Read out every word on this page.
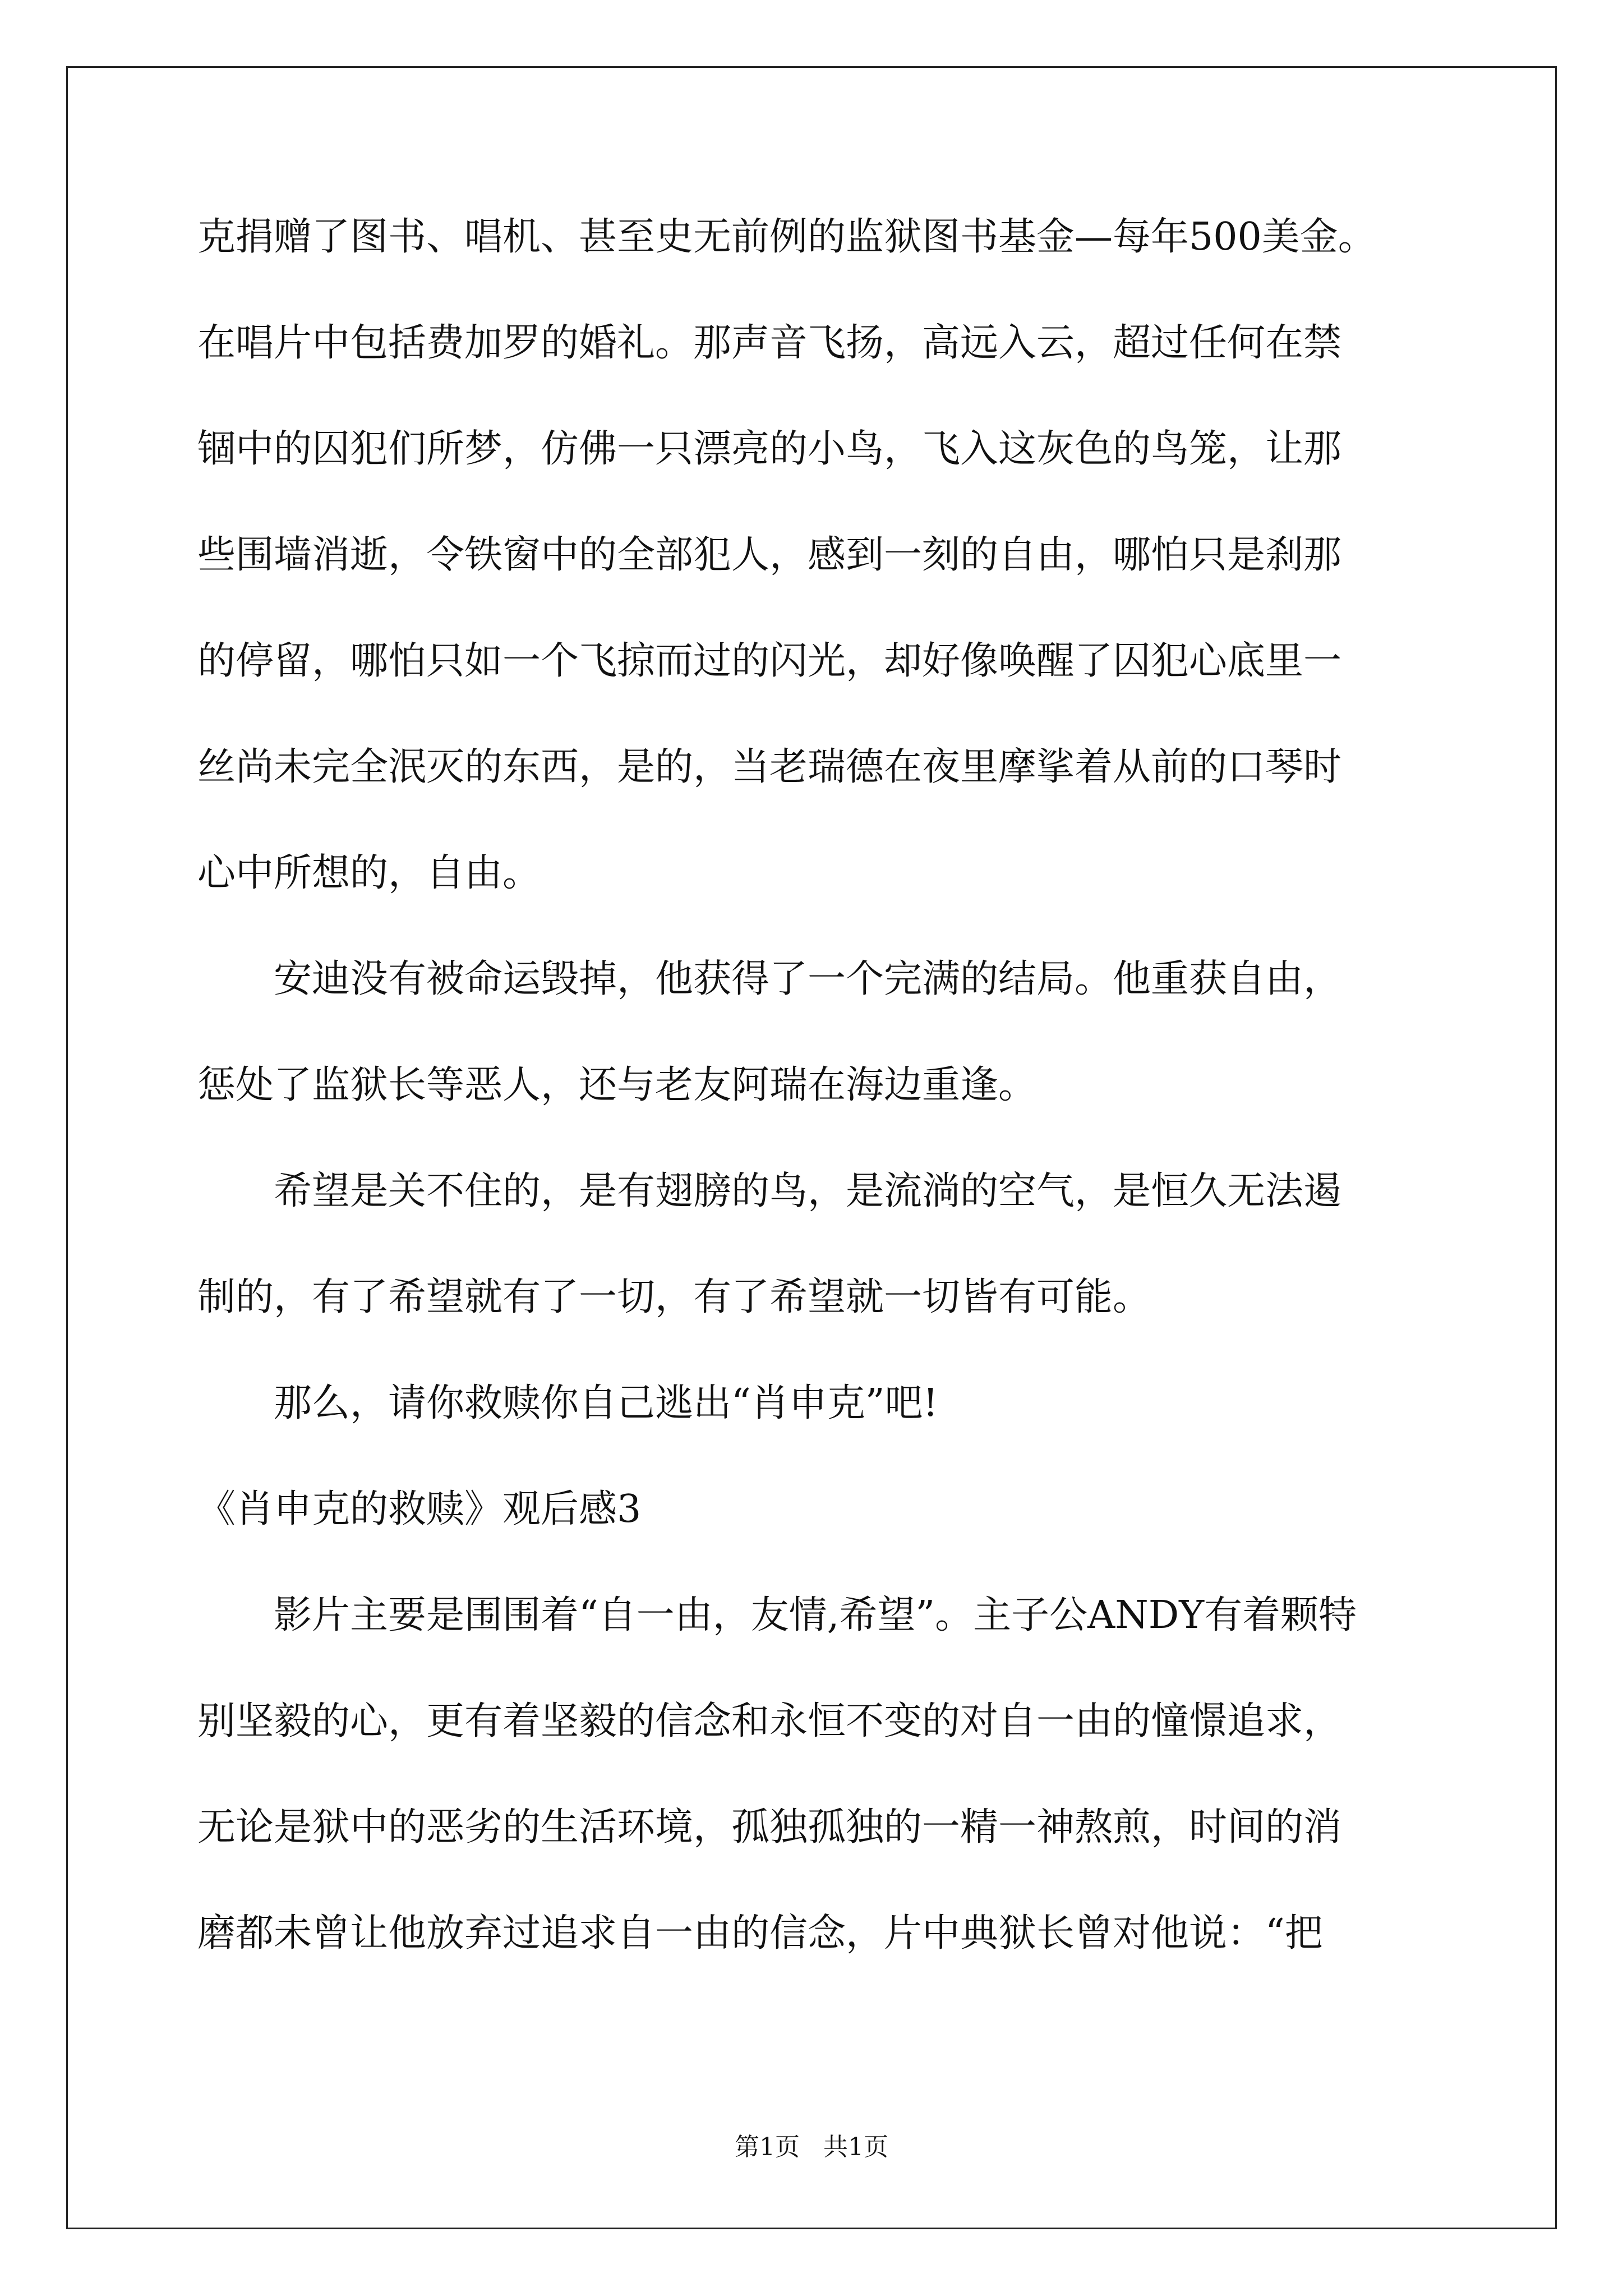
克捐赠了图书、唱机、甚至史无前例的监狱图书基金—每年500美金。
在唱片中包括费加罗的婚礼。那声音飞扬，高远入云，超过任何在禁
锢中的囚犯们所梦，仿佛一只漂亮的小鸟，飞入这灰色的鸟笼，让那
些围墙消逝，令铁窗中的全部犯人，感到一刻的自由，哪怕只是刹那
的停留，哪怕只如一个飞掠而过的闪光，却好像唤醒了囚犯心底里一
丝尚未完全泯灭的东西，是的，当老瑞德在夜里摩挲着从前的口琴时
心中所想的，自由。
安迪没有被命运毁掉，他获得了一个完满的结局。他重获自由，
惩处了监狱长等恶人，还与老友阿瑞在海边重逢。
希望是关不住的，是有翅膀的鸟，是流淌的空气，是恒久无法遏
制的，有了希望就有了一切，有了希望就一切皆有可能。
那么，请你救赎你自己逃出“肖申克”吧!
《肖申克的救赎》观后感3
影片主要是围围着“自一由，友情,希望”。主子公ANDY有着颗特
别坚毅的心，更有着坚毅的信念和永恒不变的对自一由的憧憬追求，
无论是狱中的恶劣的生活环境，孤独孤独的一精一神熬煎，时间的消
磨都未曾让他放弃过追求自一由的信念，片中典狱长曾对他说：“把
第1页   共1页
